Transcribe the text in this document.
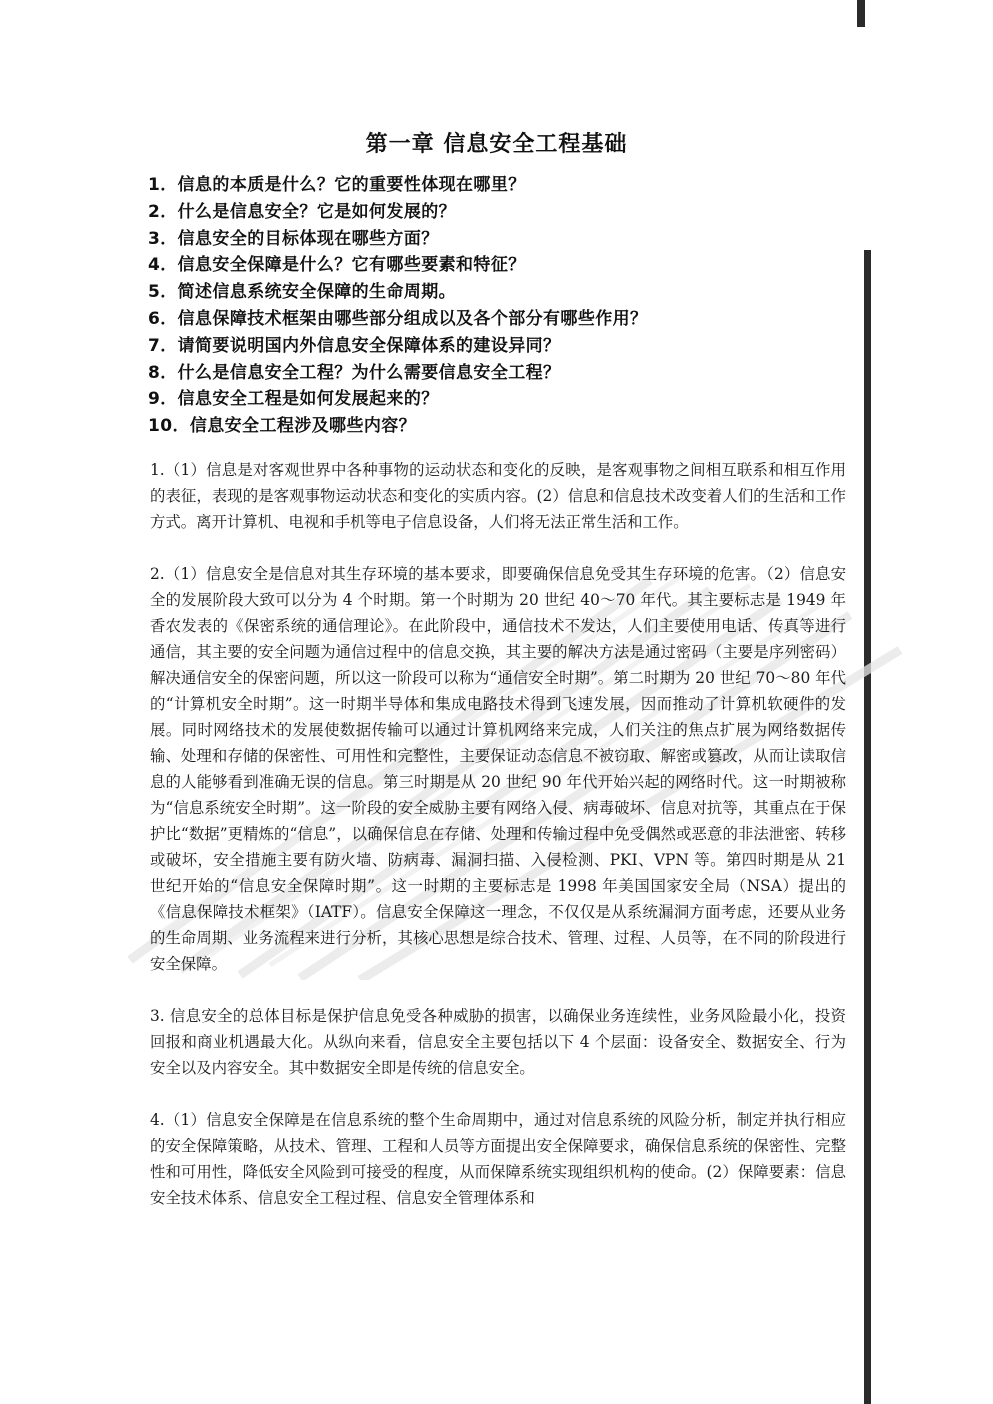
第一章 信息安全工程基础
1．信息的本质是什么？它的重要性体现在哪里？
2．什么是信息安全？它是如何发展的？
3．信息安全的目标体现在哪些方面？
4．信息安全保障是什么？它有哪些要素和特征？
5．简述信息系统安全保障的生命周期。
6．信息保障技术框架由哪些部分组成以及各个部分有哪些作用？
7．请简要说明国内外信息安全保障体系的建设异同？
8．什么是信息安全工程？为什么需要信息安全工程？
9．信息安全工程是如何发展起来的？
10．信息安全工程涉及哪些内容？

1.（1）信息是对客观世界中各种事物的运动状态和变化的反映，是客观事物之间相互联系和相互作用的表征，表现的是客观事物运动状态和变化的实质内容。(2）信息和信息技术改变着人们的生活和工作方式。离开计算机、电视和手机等电子信息设备，人们将无法正常生活和工作。

2.（1）信息安全是信息对其生存环境的基本要求，即要确保信息免受其生存环境的危害。（2）信息安全的发展阶段大致可以分为 4 个时期。第一个时期为 20 世纪 40～70 年代。其主要标志是 1949 年香农发表的《保密系统的通信理论》。在此阶段中，通信技术不发达，人们主要使用电话、传真等进行通信，其主要的安全问题为通信过程中的信息交换，其主要的解决方法是通过密码（主要是序列密码）解决通信安全的保密问题，所以这一阶段可以称为“通信安全时期”。第二时期为 20 世纪 70～80 年代的“计算机安全时期”。这一时期半导体和集成电路技术得到飞速发展，因而推动了计算机软硬件的发展。同时网络技术的发展使数据传输可以通过计算机网络来完成，人们关注的焦点扩展为网络数据传输、处理和存储的保密性、可用性和完整性，主要保证动态信息不被窃取、解密或篡改，从而让读取信息的人能够看到准确无误的信息。第三时期是从 20 世纪 90 年代开始兴起的网络时代。这一时期被称为“信息系统安全时期”。这一阶段的安全威胁主要有网络入侵、病毒破坏、信息对抗等，其重点在于保护比“数据”更精炼的“信息”，以确保信息在存储、处理和传输过程中免受偶然或恶意的非法泄密、转移或破坏，安全措施主要有防火墙、防病毒、漏洞扫描、入侵检测、PKI、VPN 等。第四时期是从 21 世纪开始的“信息安全保障时期”。这一时期的主要标志是 1998 年美国国家安全局（NSA）提出的《信息保障技术框架》（IATF）。信息安全保障这一理念，不仅仅是从系统漏洞方面考虑，还要从业务的生命周期、业务流程来进行分析，其核心思想是综合技术、管理、过程、人员等，在不同的阶段进行安全保障。

3. 信息安全的总体目标是保护信息免受各种威胁的损害，以确保业务连续性，业务风险最小化，投资回报和商业机遇最大化。从纵向来看，信息安全主要包括以下 4 个层面：设备安全、数据安全、行为安全以及内容安全。其中数据安全即是传统的信息安全。

4.（1）信息安全保障是在信息系统的整个生命周期中，通过对信息系统的风险分析，制定并执行相应的安全保障策略，从技术、管理、工程和人员等方面提出安全保障要求，确保信息系统的保密性、完整性和可用性，降低安全风险到可接受的程度，从而保障系统实现组织机构的使命。(2）保障要素：信息安全技术体系、信息安全工程过程、信息安全管理体系和
